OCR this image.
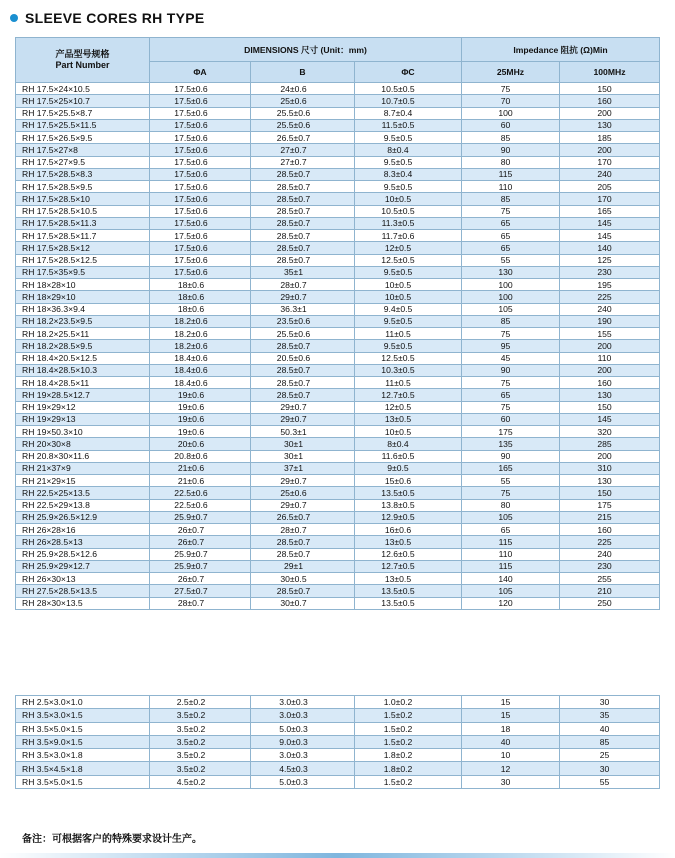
SLEEVE CORES RH TYPE
产品型号规格
Part Number	DIMENSIONS 尺寸 (Unit：mm)			Impedance 阻抗 (Ω)Min	
	ΦA	B	ΦC	25MHz	100MHz
RH 17.5×24×10.5	17.5±0.6	24±0.6	10.5±0.5	75	150
RH 17.5×25×10.7	17.5±0.6	25±0.6	10.7±0.5	70	160
RH 17.5×25.5×8.7	17.5±0.6	25.5±0.6	8.7±0.4	100	200
RH 17.5×25.5×11.5	17.5±0.6	25.5±0.6	11.5±0.5	60	130
RH 17.5×26.5×9.5	17.5±0.6	26.5±0.7	9.5±0.5	85	185
RH 17.5×27×8	17.5±0.6	27±0.7	8±0.4	90	200
RH 17.5×27×9.5	17.5±0.6	27±0.7	9.5±0.5	80	170
RH 17.5×28.5×8.3	17.5±0.6	28.5±0.7	8.3±0.4	115	240
RH 17.5×28.5×9.5	17.5±0.6	28.5±0.7	9.5±0.5	110	205
RH 17.5×28.5×10	17.5±0.6	28.5±0.7	10±0.5	85	170
RH 17.5×28.5×10.5	17.5±0.6	28.5±0.7	10.5±0.5	75	165
RH 17.5×28.5×11.3	17.5±0.6	28.5±0.7	11.3±0.5	65	145
RH 17.5×28.5×11.7	17.5±0.6	28.5±0.7	11.7±0.6	65	145
RH 17.5×28.5×12	17.5±0.6	28.5±0.7	12±0.5	65	140
RH 17.5×28.5×12.5	17.5±0.6	28.5±0.7	12.5±0.5	55	125
RH 17.5×35×9.5	17.5±0.6	35±1	9.5±0.5	130	230
RH 18×28×10	18±0.6	28±0.7	10±0.5	100	195
RH 18×29×10	18±0.6	29±0.7	10±0.5	100	225
RH 18×36.3×9.4	18±0.6	36.3±1	9.4±0.5	105	240
RH 18.2×23.5×9.5	18.2±0.6	23.5±0.6	9.5±0.5	85	190
RH 18.2×25.5×11	18.2±0.6	25.5±0.6	11±0.5	75	155
RH 18.2×28.5×9.5	18.2±0.6	28.5±0.7	9.5±0.5	95	200
RH 18.4×20.5×12.5	18.4±0.6	20.5±0.6	12.5±0.5	45	110
RH 18.4×28.5×10.3	18.4±0.6	28.5±0.7	10.3±0.5	90	200
RH 18.4×28.5×11	18.4±0.6	28.5±0.7	11±0.5	75	160
RH 19×28.5×12.7	19±0.6	28.5±0.7	12.7±0.5	65	130
RH 19×29×12	19±0.6	29±0.7	12±0.5	75	150
RH 19×29×13	19±0.6	29±0.7	13±0.5	60	145
RH 19×50.3×10	19±0.6	50.3±1	10±0.5	175	320
RH 20×30×8	20±0.6	30±1	8±0.4	135	285
RH 20.8×30×11.6	20.8±0.6	30±1	11.6±0.5	90	200
RH 21×37×9	21±0.6	37±1	9±0.5	165	310
RH 21×29×15	21±0.6	29±0.7	15±0.6	55	130
RH 22.5×25×13.5	22.5±0.6	25±0.6	13.5±0.5	75	150
RH 22.5×29×13.8	22.5±0.6	29±0.7	13.8±0.5	80	175
RH 25.9×26.5×12.9	25.9±0.7	26.5±0.7	12.9±0.5	105	215
RH 26×28×16	26±0.7	28±0.7	16±0.6	65	160
RH 26×28.5×13	26±0.7	28.5±0.7	13±0.5	115	225
RH 25.9×28.5×12.6	25.9±0.7	28.5±0.7	12.6±0.5	110	240
RH 25.9×29×12.7	25.9±0.7	29±1	12.7±0.5	115	230
RH 26×30×13	26±0.7	30±0.5	13±0.5	140	255
RH 27.5×28.5×13.5	27.5±0.7	28.5±0.7	13.5±0.5	105	210
RH 28×30×13.5	28±0.7	30±0.7	13.5±0.5	120	250
RH 2.5×3.0×1.0	2.5±0.2	3.0±0.3	1.0±0.2	15	30
RH 3.5×3.0×1.5	3.5±0.2	3.0±0.3	1.5±0.2	15	35
RH 3.5×5.0×1.5	3.5±0.2	5.0±0.3	1.5±0.2	18	40
RH 3.5×9.0×1.5	3.5±0.2	9.0±0.3	1.5±0.2	40	85
RH 3.5×3.0×1.8	3.5±0.2	3.0±0.3	1.8±0.2	10	25
RH 3.5×4.5×1.8	3.5±0.2	4.5±0.3	1.8±0.2	12	30
RH 3.5×5.0×1.5	4.5±0.2	5.0±0.3	1.5±0.2	30	55
备注：可根据客户的特殊要求设计生产。
